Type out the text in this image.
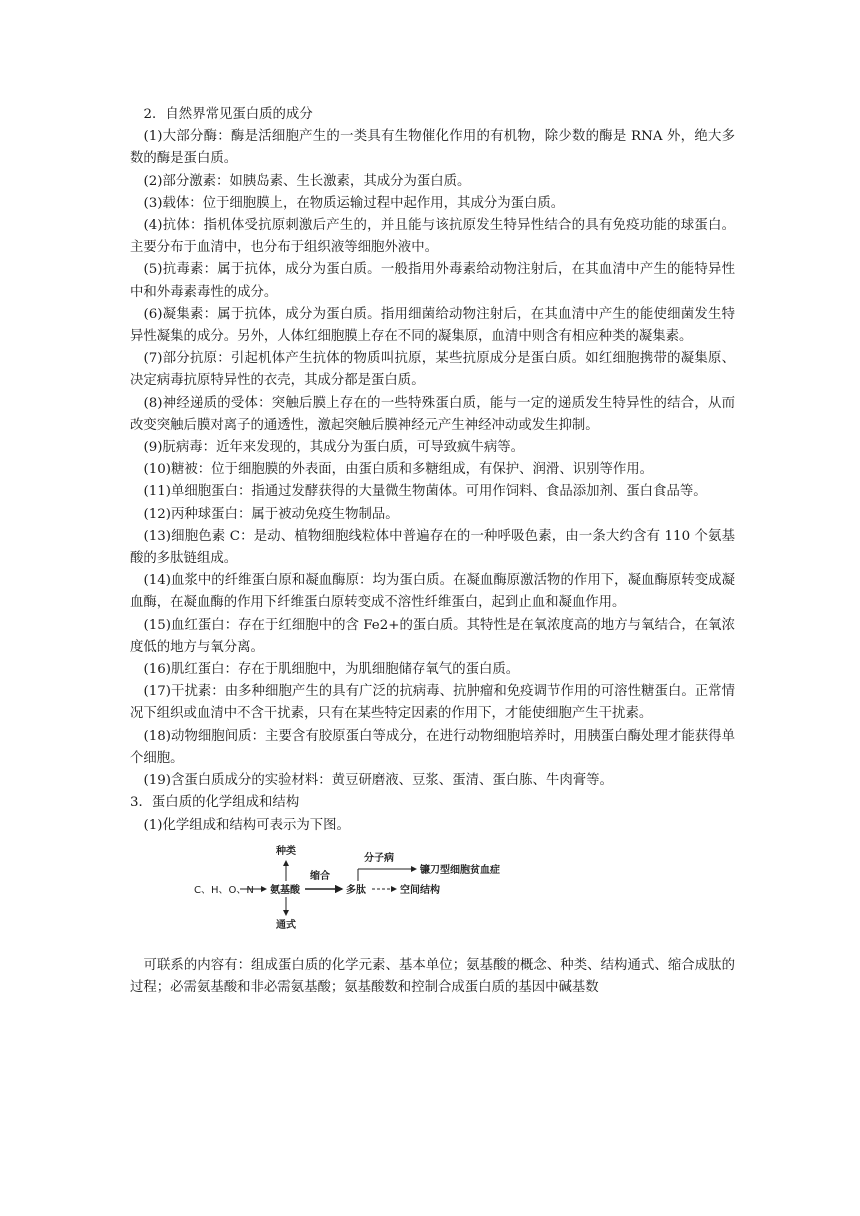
2．自然界常见蛋白质的成分

(1)大部分酶：酶是活细胞产生的一类具有生物催化作用的有机物，除少数的酶是 RNA 外，绝大多数的酶是蛋白质。

(2)部分激素：如胰岛素、生长激素，其成分为蛋白质。

(3)载体：位于细胞膜上，在物质运输过程中起作用，其成分为蛋白质。

(4)抗体：指机体受抗原刺激后产生的，并且能与该抗原发生特异性结合的具有免疫功能的球蛋白。主要分布于血清中，也分布于组织液等细胞外液中。

(5)抗毒素：属于抗体，成分为蛋白质。一般指用外毒素给动物注射后，在其血清中产生的能特异性中和外毒素毒性的成分。

(6)凝集素：属于抗体，成分为蛋白质。指用细菌给动物注射后，在其血清中产生的能使细菌发生特异性凝集的成分。另外，人体红细胞膜上存在不同的凝集原，血清中则含有相应种类的凝集素。

(7)部分抗原：引起机体产生抗体的物质叫抗原，某些抗原成分是蛋白质。如红细胞携带的凝集原、决定病毒抗原特异性的衣壳，其成分都是蛋白质。

(8)神经递质的受体：突触后膜上存在的一些特殊蛋白质，能与一定的递质发生特异性的结合，从而改变突触后膜对离子的通透性，激起突触后膜神经元产生神经冲动或发生抑制。

(9)朊病毒：近年来发现的，其成分为蛋白质，可导致疯牛病等。

(10)糖被：位于细胞膜的外表面，由蛋白质和多糖组成，有保护、润滑、识别等作用。

(11)单细胞蛋白：指通过发酵获得的大量微生物菌体。可用作饲料、食品添加剂、蛋白食品等。

(12)丙种球蛋白：属于被动免疫生物制品。

(13)细胞色素 C：是动、植物细胞线粒体中普遍存在的一种呼吸色素，由一条大约含有 110 个氨基酸的多肽链组成。

(14)血浆中的纤维蛋白原和凝血酶原：均为蛋白质。在凝血酶原激活物的作用下，凝血酶原转变成凝血酶，在凝血酶的作用下纤维蛋白原转变成不溶性纤维蛋白，起到止血和凝血作用。

(15)血红蛋白：存在于红细胞中的含 Fe2+的蛋白质。其特性是在氧浓度高的地方与氧结合，在氧浓度低的地方与氧分离。

(16)肌红蛋白：存在于肌细胞中，为肌细胞储存氧气的蛋白质。

(17)干扰素：由多种细胞产生的具有广泛的抗病毒、抗肿瘤和免疫调节作用的可溶性糖蛋白。正常情况下组织或血清中不含干扰素，只有在某些特定因素的作用下，才能使细胞产生干扰素。

(18)动物细胞间质：主要含有胶原蛋白等成分，在进行动物细胞培养时，用胰蛋白酶处理才能获得单个细胞。

(19)含蛋白质成分的实验材料：黄豆研磨液、豆浆、蛋清、蛋白胨、牛肉膏等。

3．蛋白质的化学组成和结构

(1)化学组成和结构可表示为下图。

C、H、O、N 氨基酸
种类
通式
缩合
多肽
分子病
镰刀型细胞贫血症
空间结构

可联系的内容有：组成蛋白质的化学元素、基本单位；氨基酸的概念、种类、结构通式、缩合成肽的过程；必需氨基酸和非必需氨基酸；氨基酸数和控制合成蛋白质的基因中碱基数
